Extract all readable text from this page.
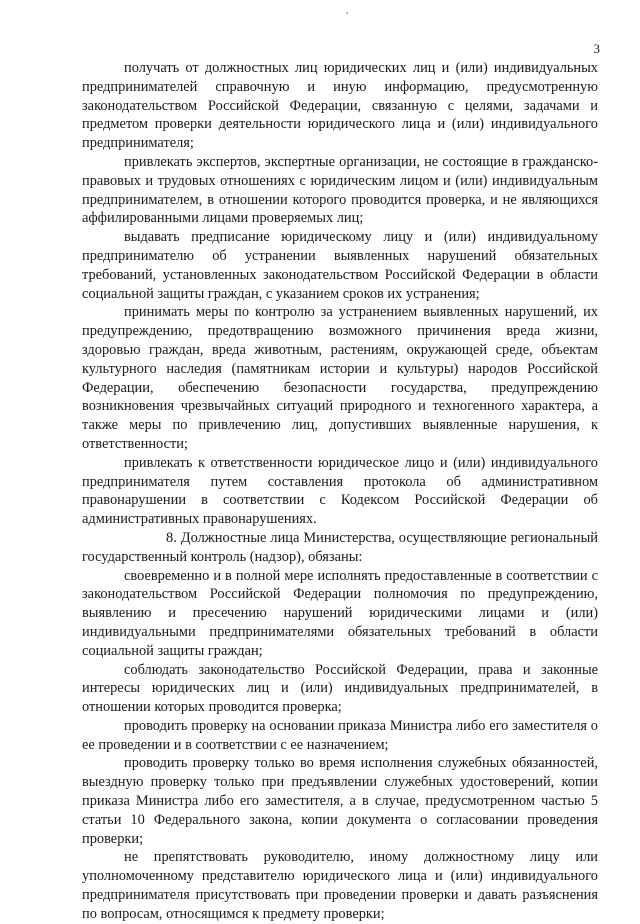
3

получать от должностных лиц юридических лиц и (или) индивидуальных предпринимателей справочную и иную информацию, предусмотренную законодательством Российской Федерации, связанную с целями, задачами и предметом проверки деятельности юридического лица и (или) индивидуального предпринимателя;

привлекать экспертов, экспертные организации, не состоящие в гражданско-правовых и трудовых отношениях с юридическим лицом и (или) индивидуальным предпринимателем, в отношении которого проводится проверка, и не являющихся аффилированными лицами проверяемых лиц;

выдавать предписание юридическому лицу и (или) индивидуальному предпринимателю об устранении выявленных нарушений обязательных требований, установленных законодательством Российской Федерации в области социальной защиты граждан, с указанием сроков их устранения;

принимать меры по контролю за устранением выявленных нарушений, их предупреждению, предотвращению возможного причинения вреда жизни, здоровью граждан, вреда животным, растениям, окружающей среде, объектам культурного наследия (памятникам истории и культуры) народов Российской Федерации, обеспечению безопасности государства, предупреждению возникновения чрезвычайных ситуаций природного и техногенного характера, а также меры по привлечению лиц, допустивших выявленные нарушения, к ответственности;

привлекать к ответственности юридическое лицо и (или) индивидуального предпринимателя путем составления протокола об административном правонарушении в соответствии с Кодексом Российской Федерации об административных правонарушениях.

8. Должностные лица Министерства, осуществляющие региональный государственный контроль (надзор), обязаны:

своевременно и в полной мере исполнять предоставленные в соответствии с законодательством Российской Федерации полномочия по предупреждению, выявлению и пресечению нарушений юридическими лицами и (или) индивидуальными предпринимателями обязательных требований в области социальной защиты граждан;

соблюдать законодательство Российской Федерации, права и законные интересы юридических лиц и (или) индивидуальных предпринимателей, в отношении которых проводится проверка;

проводить проверку на основании приказа Министра либо его заместителя о ее проведении и в соответствии с ее назначением;

проводить проверку только во время исполнения служебных обязанностей, выездную проверку только при предъявлении служебных удостоверений, копии приказа Министра либо его заместителя, а в случае, предусмотренном частью 5 статьи 10 Федерального закона, копии документа о согласовании проведения проверки;

не препятствовать руководителю, иному должностному лицу или уполномоченному представителю юридического лица и (или) индивидуального предпринимателя присутствовать при проведении проверки и давать разъяснения по вопросам, относящимся к предмету проверки;
